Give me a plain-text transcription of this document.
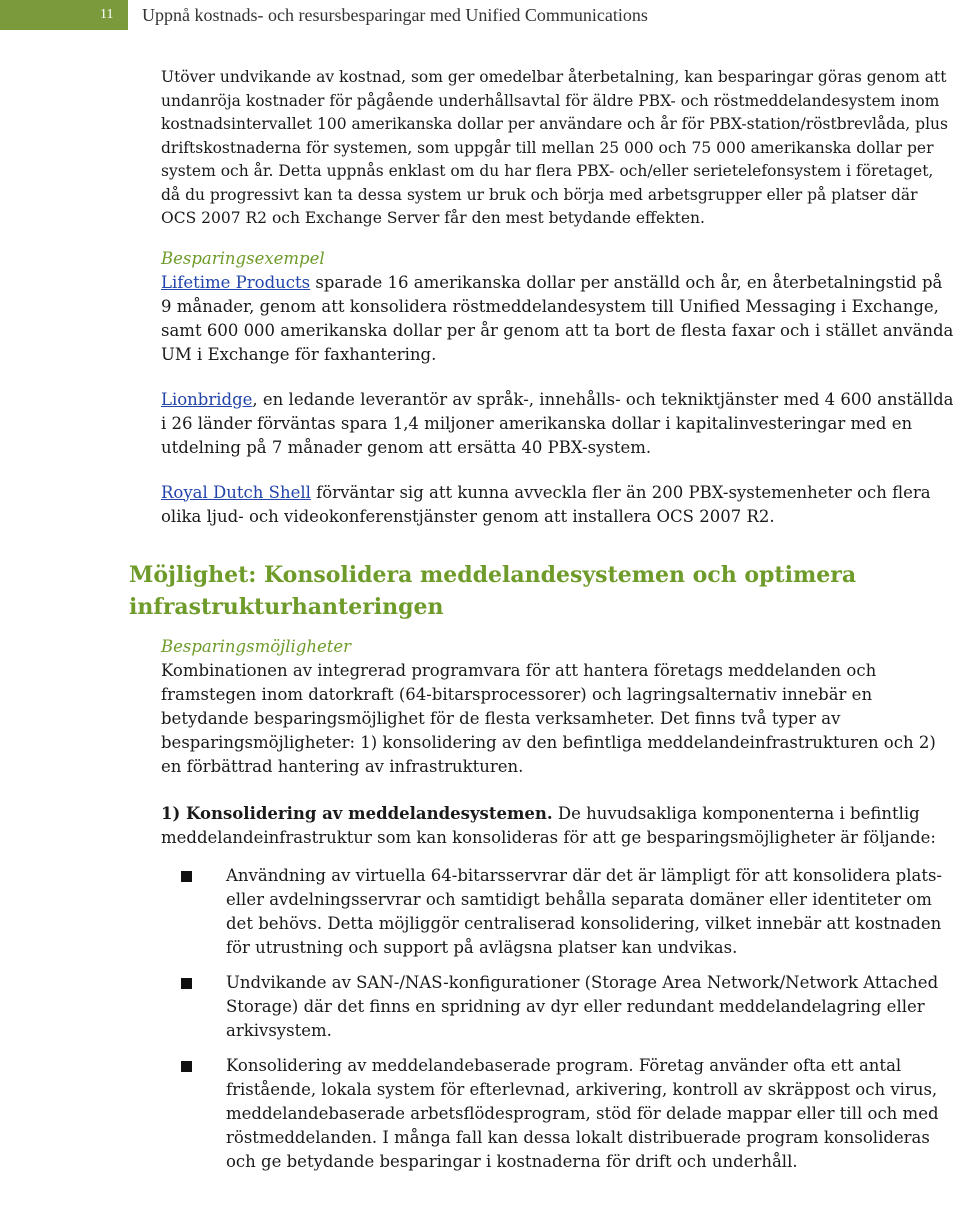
11	Uppnå kostnads- och resursbesparingar med Unified Communications

Utöver undvikande av kostnad, som ger omedelbar återbetalning, kan besparingar göras genom att undanröja kostnader för pågående underhållsavtal för äldre PBX- och röstmeddelandesystem inom kostnadsintervallet 100 amerikanska dollar per användare och år för PBX-station/röstbrevlåda, plus driftskostnaderna för systemen, som uppgår till mellan 25 000 och 75 000 amerikanska dollar per system och år. Detta uppnås enklast om du har flera PBX- och/eller serietelefonsystem i företaget, då du progressivt kan ta dessa system ur bruk och börja med arbetsgrupper eller på platser där OCS 2007 R2 och Exchange Server får den mest betydande effekten.

Besparingsexempel

Lifetime Products sparade 16 amerikanska dollar per anställd och år, en återbetalningstid på 9 månader, genom att konsolidera röstmeddelandesystem till Unified Messaging i Exchange, samt 600 000 amerikanska dollar per år genom att ta bort de flesta faxar och i stället använda UM i Exchange för faxhantering.

Lionbridge, en ledande leverantör av språk-, innehålls- och tekniktjänster med 4 600 anställda i 26 länder förväntas spara 1,4 miljoner amerikanska dollar i kapitalinvesteringar med en utdelning på 7 månader genom att ersätta 40 PBX-system.

Royal Dutch Shell förväntar sig att kunna avveckla fler än 200 PBX-systemenheter och flera olika ljud- och videokonferenstjänster genom att installera OCS 2007 R2.

Möjlighet: Konsolidera meddelandesystemen och optimera
infrastrukturhanteringen

Besparingsmöjligheter

Kombinationen av integrerad programvara för att hantera företags meddelanden och framstegen inom datorkraft (64-bitarsprocessorer) och lagringsalternativ innebär en betydande besparingsmöjlighet för de flesta verksamheter. Det finns två typer av besparingsmöjligheter: 1) konsolidering av den befintliga meddelandeinfrastrukturen och 2) en förbättrad hantering av infrastrukturen.

1) Konsolidering av meddelandesystemen. De huvudsakliga komponenterna i befintlig meddelandeinfrastruktur som kan konsolideras för att ge besparingsmöjligheter är följande:

Användning av virtuella 64-bitarsservrar där det är lämpligt för att konsolidera plats-eller avdelningsservrar och samtidigt behålla separata domäner eller identiteter om det behövs. Detta möjliggör centraliserad konsolidering, vilket innebär att kostnaden för utrustning och support på avlägsna platser kan undvikas.
Undvikande av SAN-/NAS-konfigurationer (Storage Area Network/Network Attached Storage) där det finns en spridning av dyr eller redundant meddelandelagring eller arkivsystem.
Konsolidering av meddelandebaserade program. Företag använder ofta ett antal fristående, lokala system för efterlevnad, arkivering, kontroll av skräppost och virus, meddelandebaserade arbetsflödesprogram, stöd för delade mappar eller till och med röstmeddelanden. I många fall kan dessa lokalt distribuerade program konsolideras och ge betydande besparingar i kostnaderna för drift och underhåll.
